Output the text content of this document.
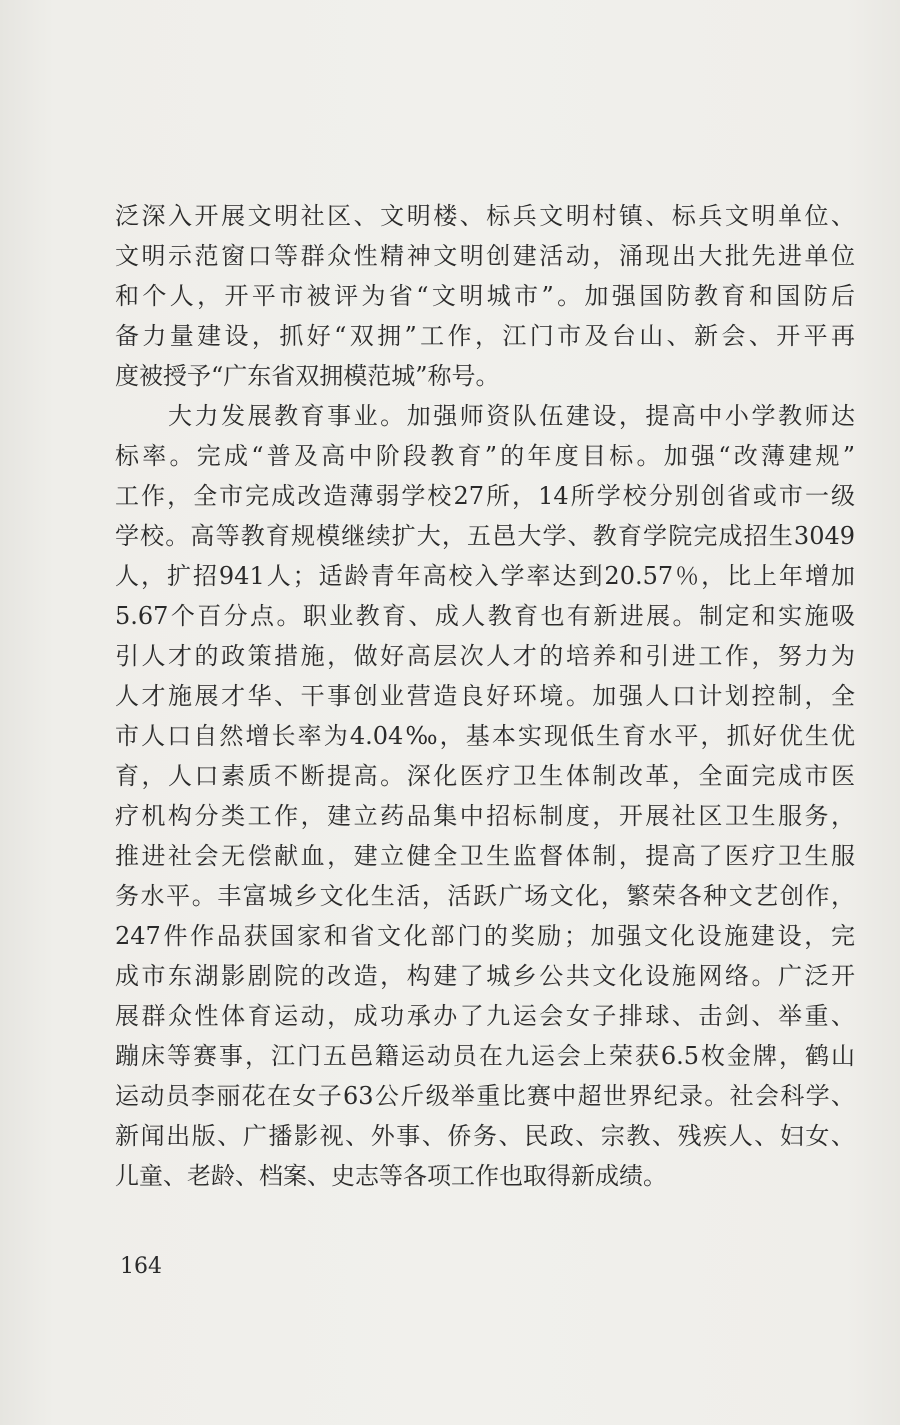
泛深入开展文明社区、文明楼、标兵文明村镇、标兵文明单位、
文明示范窗口等群众性精神文明创建活动，涌现出大批先进单位
和个人，开平市被评为省“文明城市”。加强国防教育和国防后
备力量建设，抓好“双拥”工作，江门市及台山、新会、开平再
度被授予“广东省双拥模范城”称号。
　　大力发展教育事业。加强师资队伍建设，提高中小学教师达
标率。完成“普及高中阶段教育”的年度目标。加强“改薄建规”
工作，全市完成改造薄弱学校27所，14所学校分别创省或市一级
学校。高等教育规模继续扩大，五邑大学、教育学院完成招生3049
人，扩招941人；适龄青年高校入学率达到20.57％，比上年增加
5.67个百分点。职业教育、成人教育也有新进展。制定和实施吸
引人才的政策措施，做好高层次人才的培养和引进工作，努力为
人才施展才华、干事创业营造良好环境。加强人口计划控制，全
市人口自然增长率为4.04‰，基本实现低生育水平，抓好优生优
育，人口素质不断提高。深化医疗卫生体制改革，全面完成市医
疗机构分类工作，建立药品集中招标制度，开展社区卫生服务，
推进社会无偿献血，建立健全卫生监督体制，提高了医疗卫生服
务水平。丰富城乡文化生活，活跃广场文化，繁荣各种文艺创作，
247件作品获国家和省文化部门的奖励；加强文化设施建设，完
成市东湖影剧院的改造，构建了城乡公共文化设施网络。广泛开
展群众性体育运动，成功承办了九运会女子排球、击剑、举重、
蹦床等赛事，江门五邑籍运动员在九运会上荣获6.5枚金牌，鹤山
运动员李丽花在女子63公斤级举重比赛中超世界纪录。社会科学、
新闻出版、广播影视、外事、侨务、民政、宗教、残疾人、妇女、
儿童、老龄、档案、史志等各项工作也取得新成绩。
164
